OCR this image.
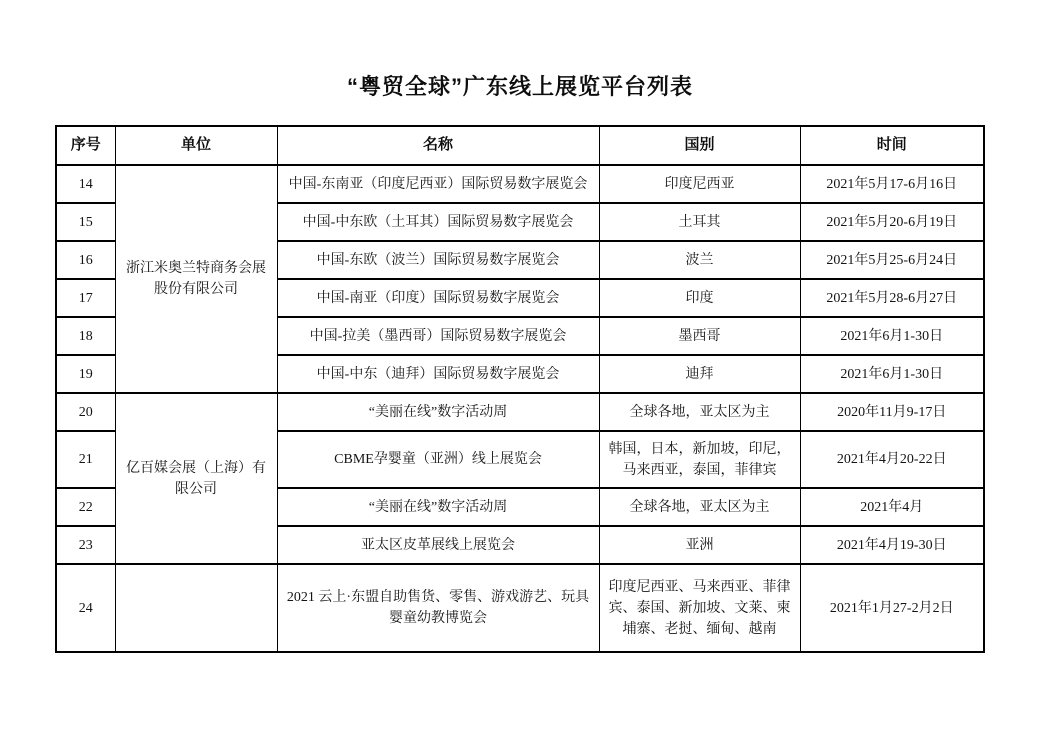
“粤贸全球”广东线上展览平台列表
序号	单位	名称	国别	时间
14	浙江米奥兰特商务会展股份有限公司	中国-东南亚（印度尼西亚）国际贸易数字展览会	印度尼西亚	2021年5月17-6月16日
15		中国-中东欧（土耳其）国际贸易数字展览会	土耳其	2021年5月20-6月19日
16		中国-东欧（波兰）国际贸易数字展览会	波兰	2021年5月25-6月24日
17		中国-南亚（印度）国际贸易数字展览会	印度	2021年5月28-6月27日
18		中国-拉美（墨西哥）国际贸易数字展览会	墨西哥	2021年6月1-30日
19		中国-中东（迪拜）国际贸易数字展览会	迪拜	2021年6月1-30日
20	亿百媒会展（上海）有限公司	“美丽在线”数字活动周	全球各地，亚太区为主	2020年11月9-17日
21		CBME孕婴童（亚洲）线上展览会	韩国，日本，新加坡，印尼，马来西亚，泰国，菲律宾	2021年4月20-22日
22		“美丽在线”数字活动周	全球各地，亚太区为主	2021年4月
23		亚太区皮革展线上展览会	亚洲	2021年4月19-30日
24		2021 云上·东盟自助售货、零售、游戏游艺、玩具婴童幼教博览会	印度尼西亚、马来西亚、菲律宾、泰国、新加坡、文莱、柬埔寨、老挝、缅甸、越南	2021年1月27-2月2日
